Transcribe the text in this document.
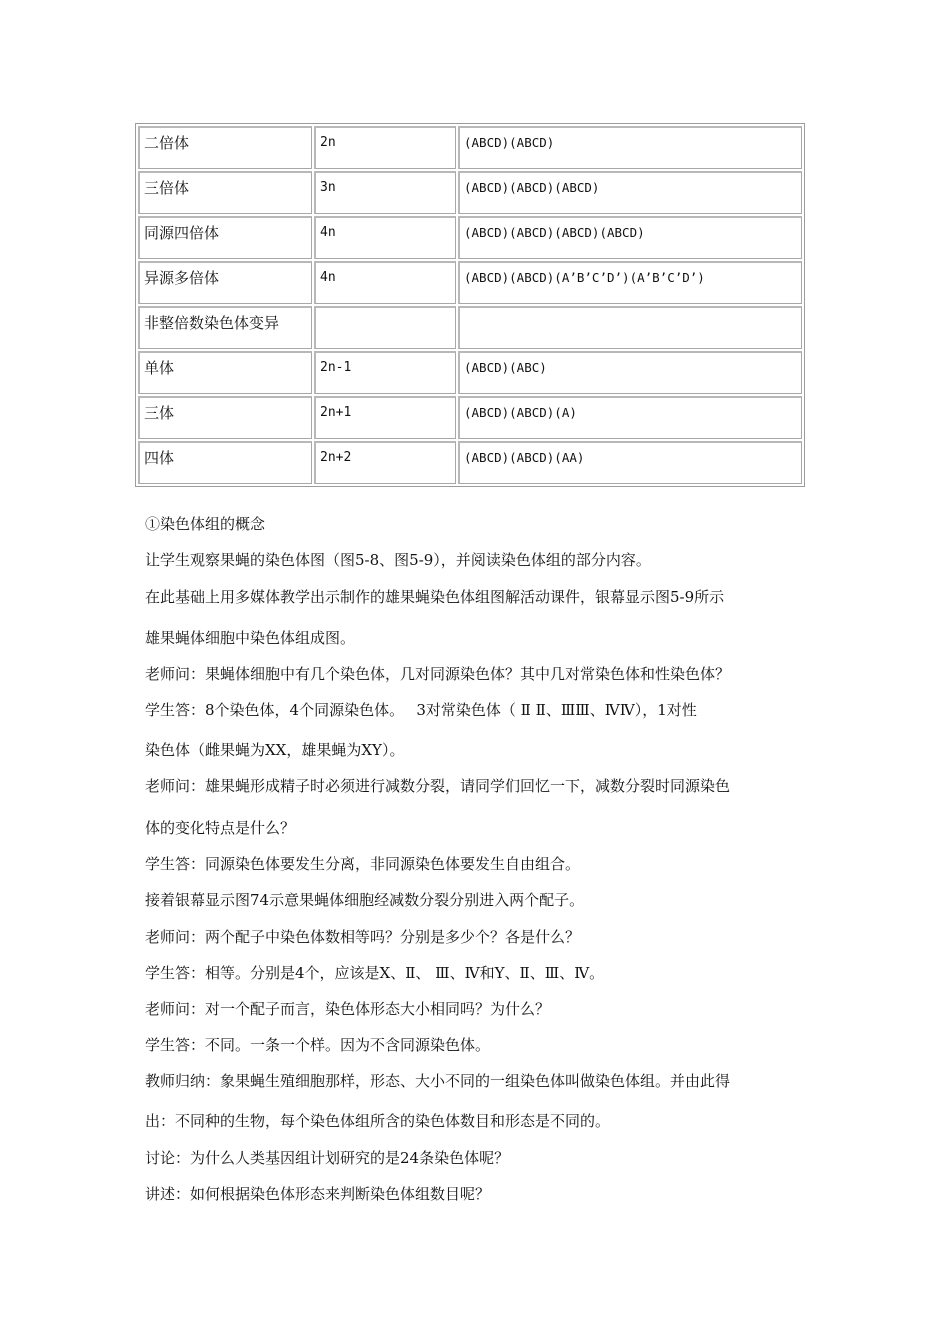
二倍体	2n	(ABCD)(ABCD)
三倍体	3n	(ABCD)(ABCD)(ABCD)
同源四倍体	4n	(ABCD)(ABCD)(ABCD)(ABCD)
异源多倍体	4n	(ABCD)(ABCD)(A’B’C’D’)(A’B’C’D’)
非整倍数染色体变异		
单体	2n-1	(ABCD)(ABC)
三体	2n+1	(ABCD)(ABCD)(A)
四体	2n+2	(ABCD)(ABCD)(AA)

①染色体组的概念

让学生观察果蝇的染色体图（图5-8、图5-9），并阅读染色体组的部分内容。

在此基础上用多媒体教学出示制作的雄果蝇染色体组图解活动课件，银幕显示图5-9所示

雄果蝇体细胞中染色体组成图。

老师问：果蝇体细胞中有几个染色体，几对同源染色体？其中几对常染色体和性染色体？

学生答：8个染色体，4个同源染色体。　 3对常染色体（ Ⅱ Ⅱ、ⅢⅢ、ⅣⅣ），1对性

染色体（雌果蝇为XX，雄果蝇为XY）。

老师问：雄果蝇形成精子时必须进行减数分裂，请同学们回忆一下，减数分裂时同源染色

体的变化特点是什么？

学生答：同源染色体要发生分离，非同源染色体要发生自由组合。

接着银幕显示图74示意果蝇体细胞经减数分裂分别进入两个配子。

老师问：两个配子中染色体数相等吗？分别是多少个？各是什么？

学生答：相等。分别是4个，应该是X、Ⅱ、 Ⅲ、Ⅳ和Y、Ⅱ、Ⅲ、Ⅳ。

老师问：对一个配子而言，染色体形态大小相同吗？为什么？

学生答：不同。一条一个样。因为不含同源染色体。

教师归纳：象果蝇生殖细胞那样，形态、大小不同的一组染色体叫做染色体组。并由此得

出：不同种的生物，每个染色体组所含的染色体数目和形态是不同的。

讨论：为什么人类基因组计划研究的是24条染色体呢？

讲述：如何根据染色体形态来判断染色体组数目呢？
